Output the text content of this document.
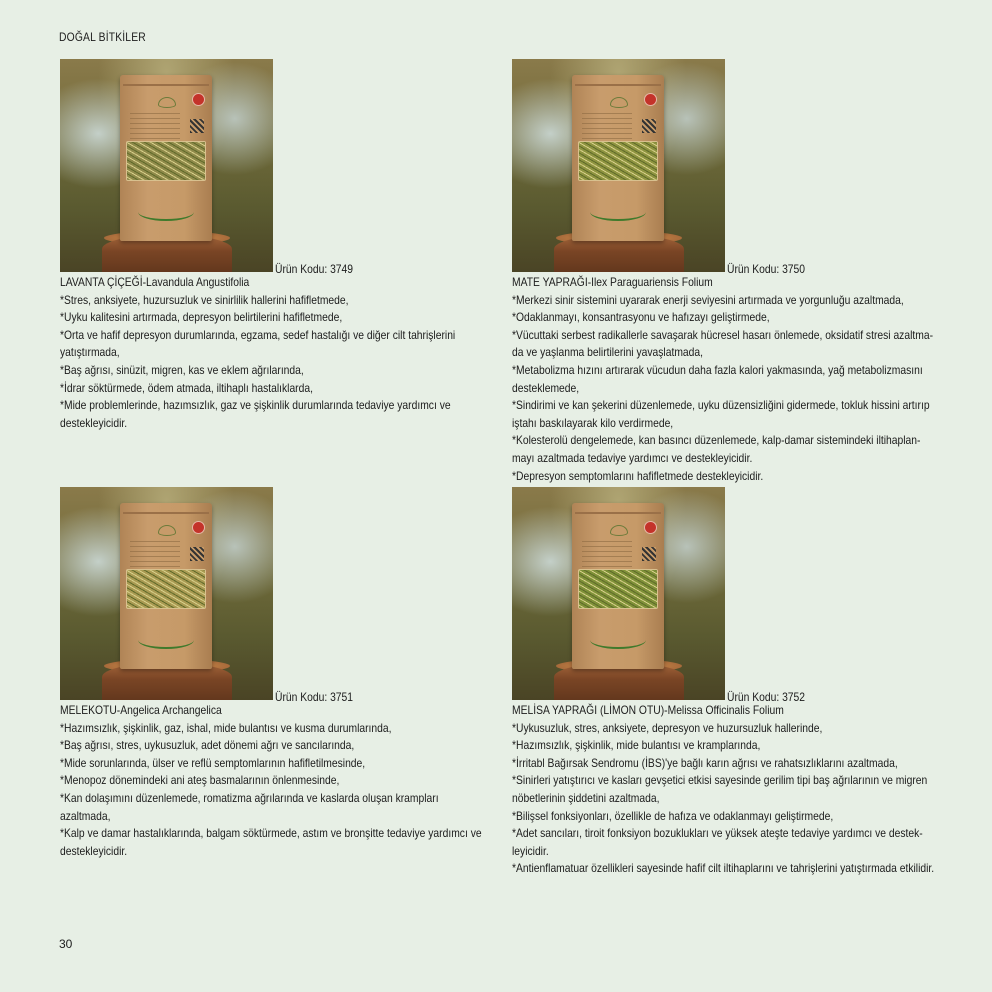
DOĞAL BİTKİLER
Ürün Kodu: 3749
LAVANTA ÇİÇEĞİ-Lavandula Angustifolia
*Stres, anksiyete, huzursuzluk ve sinirlilik hallerini hafifletmede,
*Uyku kalitesini artırmada, depresyon belirtilerini hafifletmede,
*Orta ve hafif depresyon durumlarında, egzama, sedef hastalığı ve diğer cilt tahrişlerini yatıştırmada,
*Baş ağrısı, sinüzit, migren, kas ve eklem ağrılarında,
*İdrar söktürmede, ödem atmada, iltihaplı hastalıklarda,
*Mide problemlerinde, hazımsızlık, gaz ve şişkinlik durumlarında tedaviye yardımcı ve destekleyicidir.
Ürün Kodu: 3750
MATE YAPRAĞI-Ilex Paraguariensis Folium
*Merkezi sinir sistemini uyararak enerji seviyesini artırmada ve yorgunluğu azaltmada,
*Odaklanmayı, konsantrasyonu ve hafızayı geliştirmede,
*Vücuttaki serbest radikallerle savaşarak hücresel hasarı önlemede, oksidatif stresi azaltma-da ve yaşlanma belirtilerini yavaşlatmada,
*Metabolizma hızını artırarak vücudun daha fazla kalori yakmasında, yağ metabolizmasını desteklemede,
*Sindirimi ve kan şekerini düzenlemede, uyku düzensizliğini gidermede, tokluk hissini artırıp iştahı baskılayarak kilo verdirmede,
*Kolesterolü dengelemede, kan basıncı düzenlemede, kalp-damar sistemindeki iltihaplan-mayı azaltmada tedaviye yardımcı ve destekleyicidir.
*Depresyon semptomlarını hafifletmede destekleyicidir.
Ürün Kodu: 3751
MELEKOTU-Angelica Archangelica
*Hazımsızlık, şişkinlik, gaz, ishal, mide bulantısı ve kusma durumlarında,
*Baş ağrısı, stres, uykusuzluk, adet dönemi ağrı ve sancılarında,
*Mide sorunlarında, ülser ve reflü semptomlarının hafifletilmesinde,
*Menopoz dönemindeki ani ateş basmalarının önlenmesinde,
*Kan dolaşımını düzenlemede, romatizma ağrılarında ve kaslarda oluşan krampları azaltmada,
*Kalp ve damar hastalıklarında, balgam söktürmede, astım ve bronşitte tedaviye yardımcı ve destekleyicidir.
Ürün Kodu: 3752
MELİSA YAPRAĞI (LİMON OTU)-Melissa Officinalis Folium
*Uykusuzluk, stres, anksiyete, depresyon ve huzursuzluk hallerinde,
*Hazımsızlık, şişkinlik, mide bulantısı ve kramplarında,
*İrritabl Bağırsak Sendromu (İBS)'ye bağlı karın ağrısı ve rahatsızlıklarını azaltmada,
*Sinirleri yatıştırıcı ve kasları gevşetici etkisi sayesinde gerilim tipi baş ağrılarının ve migren nöbetlerinin şiddetini azaltmada,
*Bilişsel fonksiyonları, özellikle de hafıza ve odaklanmayı geliştirmede,
*Adet sancıları, tiroit fonksiyon bozuklukları ve yüksek ateşte tedaviye yardımcı ve destek-leyicidir.
*Antienflamatuar özellikleri sayesinde hafif cilt iltihaplarını ve tahrişlerini yatıştırmada etkilidir.
30
